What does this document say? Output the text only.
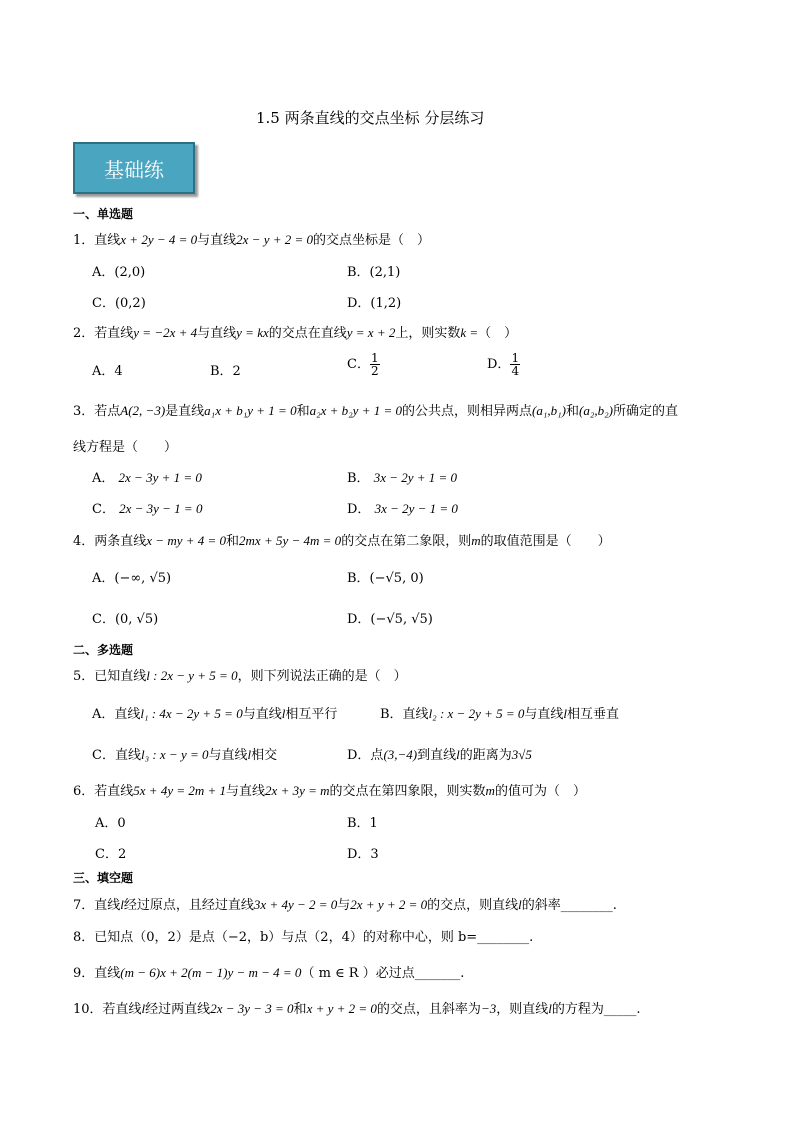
1.5 两条直线的交点坐标 分层练习
基础练
一、单选题
1．直线x + 2y − 4 = 0与直线2x − y + 2 = 0的交点坐标是（　）
A．(2,0)	B．(2,1)
C．(0,2)	D．(1,2)
2．若直线y = −2x + 4与直线y = kx的交点在直线y = x + 2上，则实数k =（　）
A．4	B．2	C． $\frac{1}{2}$	D． $\frac{1}{4}$
3．若点A(2, −3)是直线a₁x + b₁y + 1 = 0和a₂x + b₂y + 1 = 0的公共点，则相异两点(a₁,b₁)和(a₂,b₂)所确定的直
线方程是（　　）
A． 2x − 3y + 1 = 0	B． 3x − 2y + 1 = 0
C． 2x − 3y − 1 = 0	D． 3x − 2y − 1 = 0
4．两条直线x − my + 4 = 0和2mx + 5y − 4m = 0的交点在第二象限，则m的取值范围是（　　）
A．(−∞, √5)	B．(−√5, 0)
C．(0, √5)	D．(−√5, √5)
二、多选题
5．已知直线l : 2x − y + 5 = 0，则下列说法正确的是（　）
A．直线l₁ : 4x − 2y + 5 = 0与直线l相互平行	B．直线l₂ : x − 2y + 5 = 0与直线l相互垂直
C．直线l₃ : x − y = 0与直线l相交	D．点(3,−4)到直线l的距离为3√5
6．若直线5x + 4y = 2m + 1与直线2x + 3y = m的交点在第四象限，则实数m的值可为（　）
A．0	B．1
C．2	D．3
三、填空题
7．直线l经过原点，且经过直线3x + 4y − 2 = 0与2x + y + 2 = 0的交点，则直线l的斜率________.
8．已知点（0，2）是点（−2，b）与点（2，4）的对称中心，则 b=________.
9．直线(m − 6)x + 2(m − 1)y − m − 4 = 0（ m ∈ R ）必过点_______.
10．若直线l经过两直线2x − 3y − 3 = 0和x + y + 2 = 0的交点，且斜率为−3，则直线l的方程为_____.
